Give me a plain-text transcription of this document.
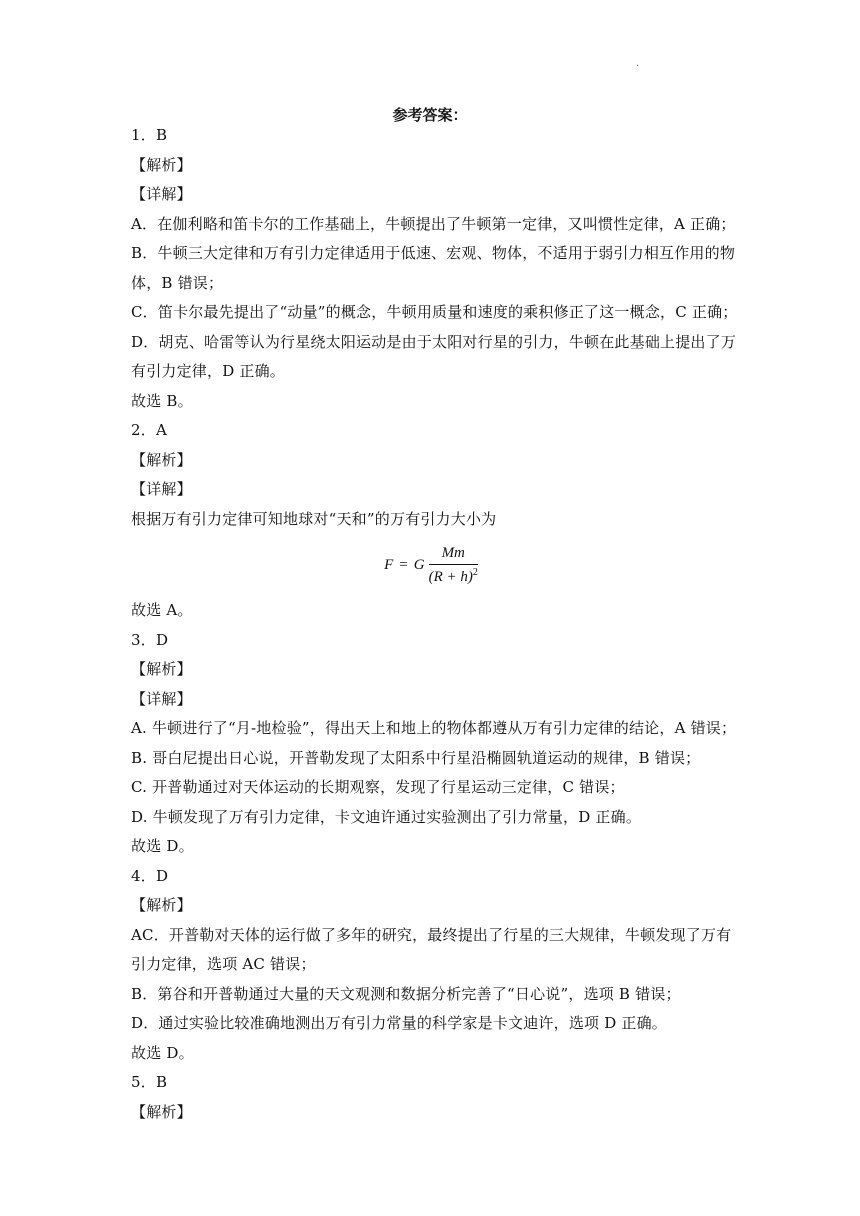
.
参考答案：
1．B
【解析】
【详解】
A．在伽利略和笛卡尔的工作基础上，牛顿提出了牛顿第一定律，又叫惯性定律，A 正确；
B．牛顿三大定律和万有引力定律适用于低速、宏观、物体，不适用于弱引力相互作用的物
体，B 错误；
C．笛卡尔最先提出了“动量”的概念，牛顿用质量和速度的乘积修正了这一概念，C 正确；
D．胡克、哈雷等认为行星绕太阳运动是由于太阳对行星的引力，牛顿在此基础上提出了万
有引力定律，D 正确。
故选 B。
2．A
【解析】
【详解】
根据万有引力定律可知地球对“天和”的万有引力大小为
F = G $\frac{Mm}{(R + h)^2}$
故选 A。
3．D
【解析】
【详解】
A. 牛顿进行了“月-地检验”，得出天上和地上的物体都遵从万有引力定律的结论，A 错误；
B. 哥白尼提出日心说，开普勒发现了太阳系中行星沿椭圆轨道运动的规律，B 错误；
C. 开普勒通过对天体运动的长期观察，发现了行星运动三定律，C 错误；
D. 牛顿发现了万有引力定律，卡文迪许通过实验测出了引力常量，D 正确。
故选 D。
4．D
【解析】
AC．开普勒对天体的运行做了多年的研究，最终提出了行星的三大规律，牛顿发现了万有
引力定律，选项 AC 错误；
B．第谷和开普勒通过大量的天文观测和数据分析完善了“日心说”，选项 B 错误；
D．通过实验比较准确地测出万有引力常量的科学家是卡文迪许，选项 D 正确。
故选 D。
5．B
【解析】
